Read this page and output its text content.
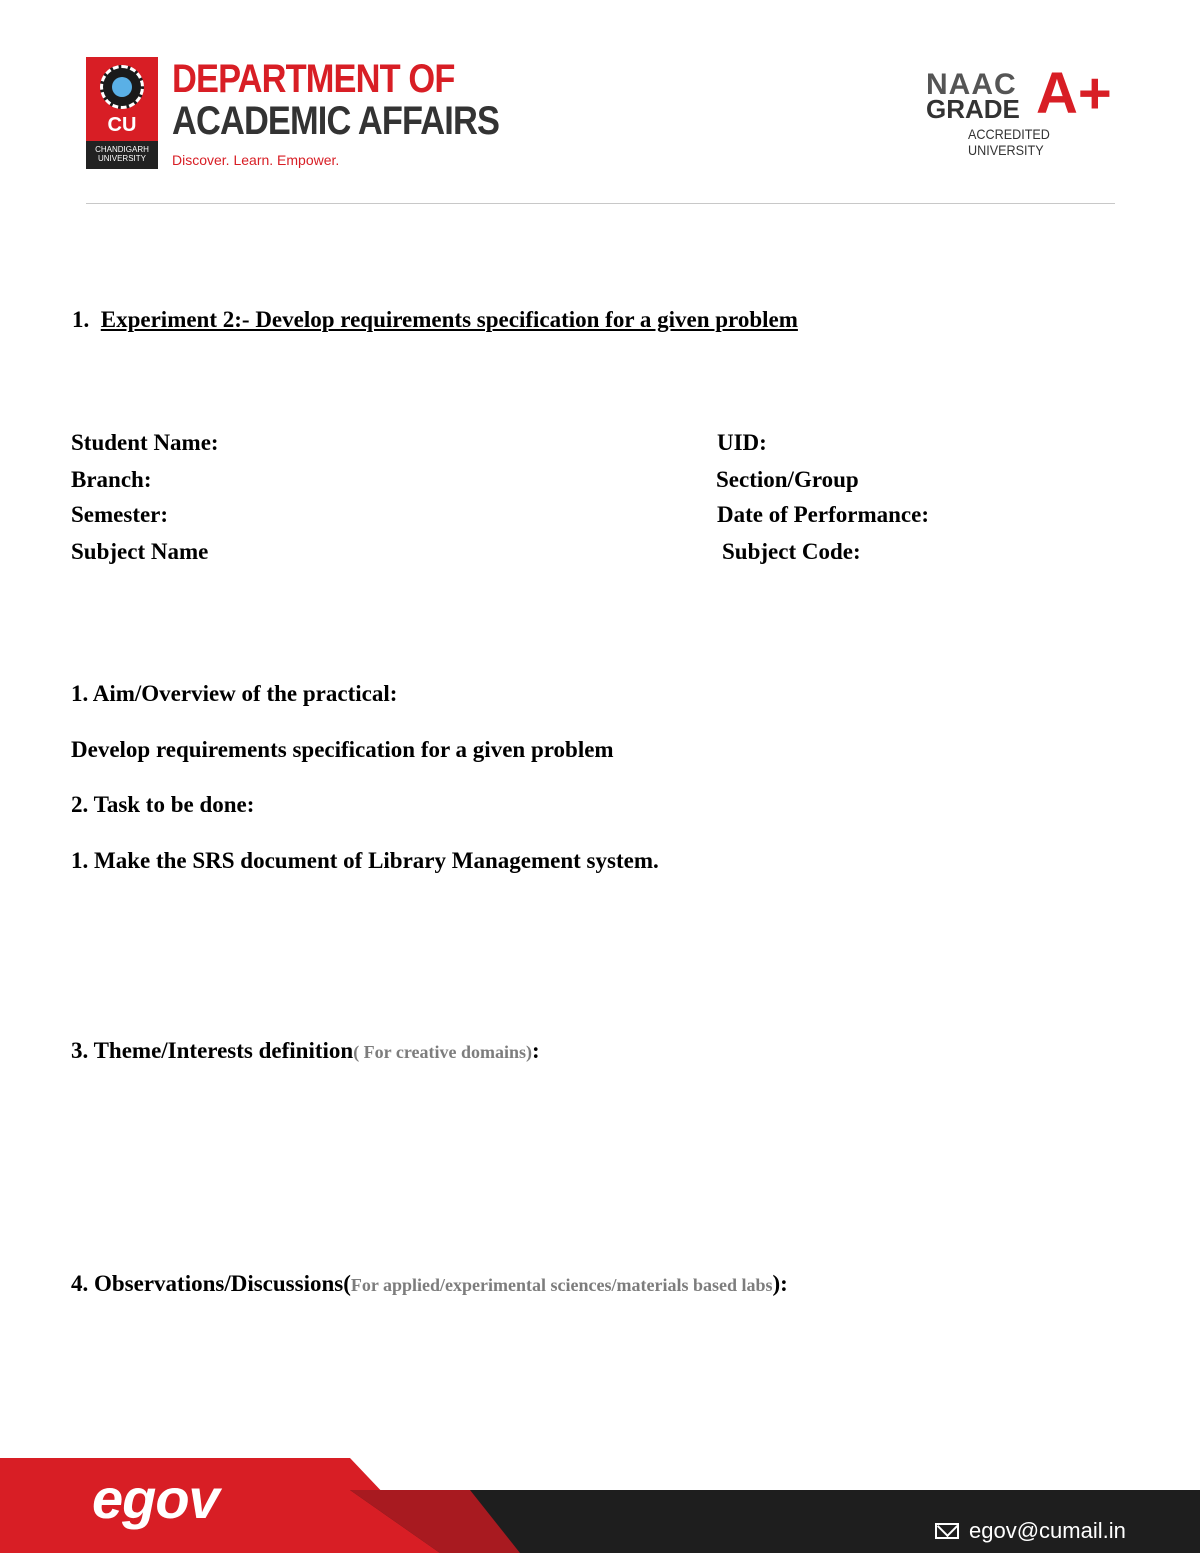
CU
CHANDIGARH UNIVERSITY
DEPARTMENT OF
ACADEMIC AFFAIRS
Discover. Learn. Empower.
NAAC
GRADE A+
ACCREDITED UNIVERSITY
1. Experiment 2:- Develop requirements specification for a given problem
Student Name:	UID:
Branch:	Section/Group
Semester:	Date of Performance:
Subject Name	Subject Code:
1. Aim/Overview of the practical:
Develop requirements specification for a given problem
2. Task to be done:
1. Make the SRS document of Library Management system.
3. Theme/Interests definition( For creative domains):
4. Observations/Discussions(For applied/experimental sciences/materials based labs):
egov
egov@cumail.in
